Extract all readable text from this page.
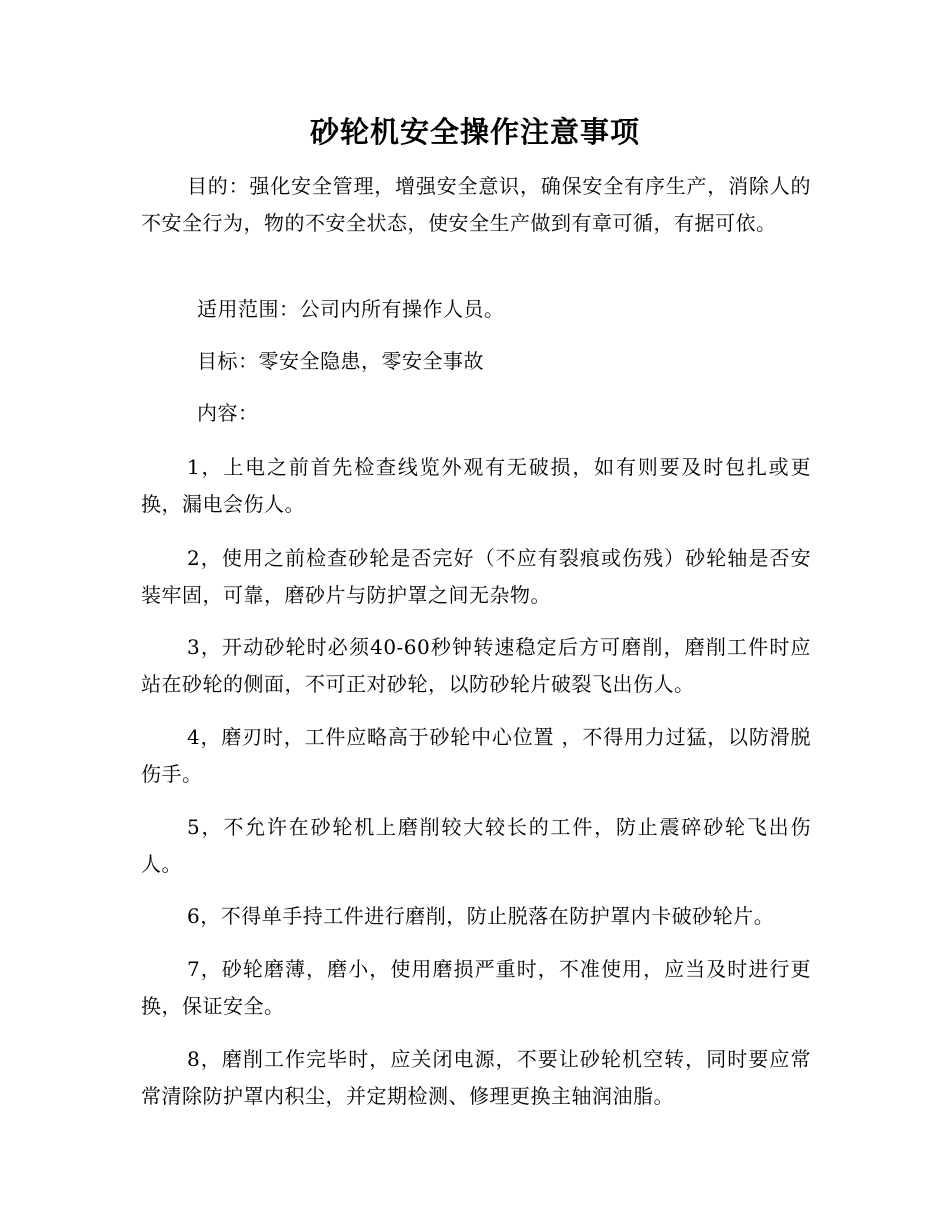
砂轮机安全操作注意事项

目的：强化安全管理，增强安全意识，确保安全有序生产，消除人的不安全行为，物的不安全状态，使安全生产做到有章可循，有据可依。

适用范围：公司内所有操作人员。

目标：零安全隐患，零安全事故

内容：

1，上电之前首先检查线览外观有无破损，如有则要及时包扎或更换，漏电会伤人。

2，使用之前检查砂轮是否完好（不应有裂痕或伤残）砂轮轴是否安装牢固，可靠，磨砂片与防护罩之间无杂物。

3，开动砂轮时必须40-60秒钟转速稳定后方可磨削，磨削工件时应站在砂轮的侧面，不可正对砂轮，以防砂轮片破裂飞出伤人。

4，磨刃时，工件应略高于砂轮中心位置 ，不得用力过猛，以防滑脱伤手。

5，不允许在砂轮机上磨削较大较长的工件，防止震碎砂轮飞出伤人。

6，不得单手持工件进行磨削，防止脱落在防护罩内卡破砂轮片。

7，砂轮磨薄，磨小，使用磨损严重时，不准使用，应当及时进行更换，保证安全。

8，磨削工作完毕时，应关闭电源，不要让砂轮机空转，同时要应常常清除防护罩内积尘，并定期检测、修理更换主轴润油脂。
